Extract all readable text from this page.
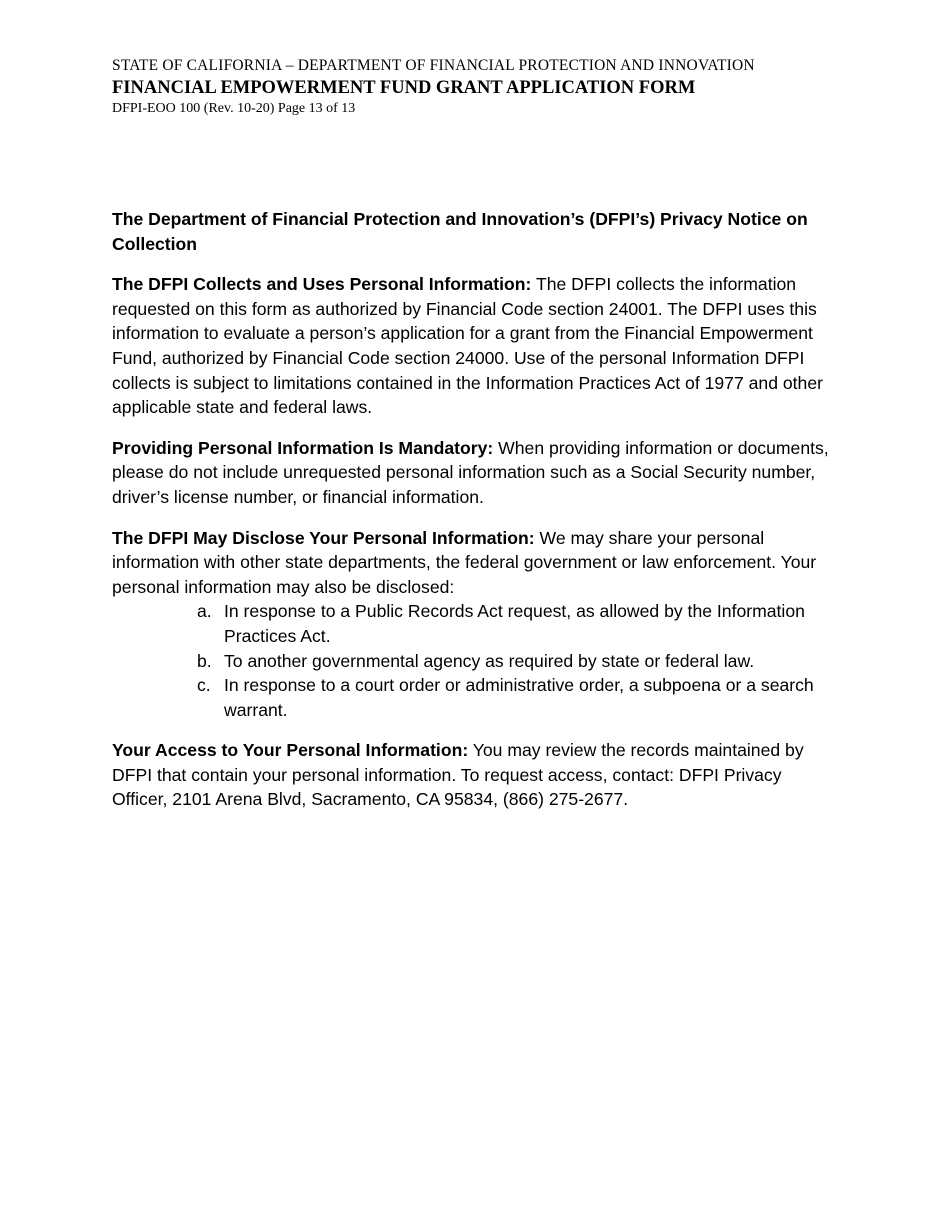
STATE OF CALIFORNIA – DEPARTMENT OF FINANCIAL PROTECTION AND INNOVATION
FINANCIAL EMPOWERMENT FUND GRANT APPLICATION FORM
DFPI-EOO 100 (Rev. 10-20) Page 13 of 13
The Department of Financial Protection and Innovation’s (DFPI’s) Privacy Notice on Collection

The DFPI Collects and Uses Personal Information: The DFPI collects the information requested on this form as authorized by Financial Code section 24001. The DFPI uses this information to evaluate a person’s application for a grant from the Financial Empowerment Fund, authorized by Financial Code section 24000. Use of the personal Information DFPI collects is subject to limitations contained in the Information Practices Act of 1977 and other applicable state and federal laws.

Providing Personal Information Is Mandatory: When providing information or documents, please do not include unrequested personal information such as a Social Security number, driver’s license number, or financial information.

The DFPI May Disclose Your Personal Information: We may share your personal information with other state departments, the federal government or law enforcement. Your personal information may also be disclosed:

a. In response to a Public Records Act request, as allowed by the Information Practices Act.
b. To another governmental agency as required by state or federal law.
c. In response to a court order or administrative order, a subpoena or a search warrant.

Your Access to Your Personal Information: You may review the records maintained by DFPI that contain your personal information. To request access, contact: DFPI Privacy Officer, 2101 Arena Blvd, Sacramento, CA 95834, (866) 275-2677.
